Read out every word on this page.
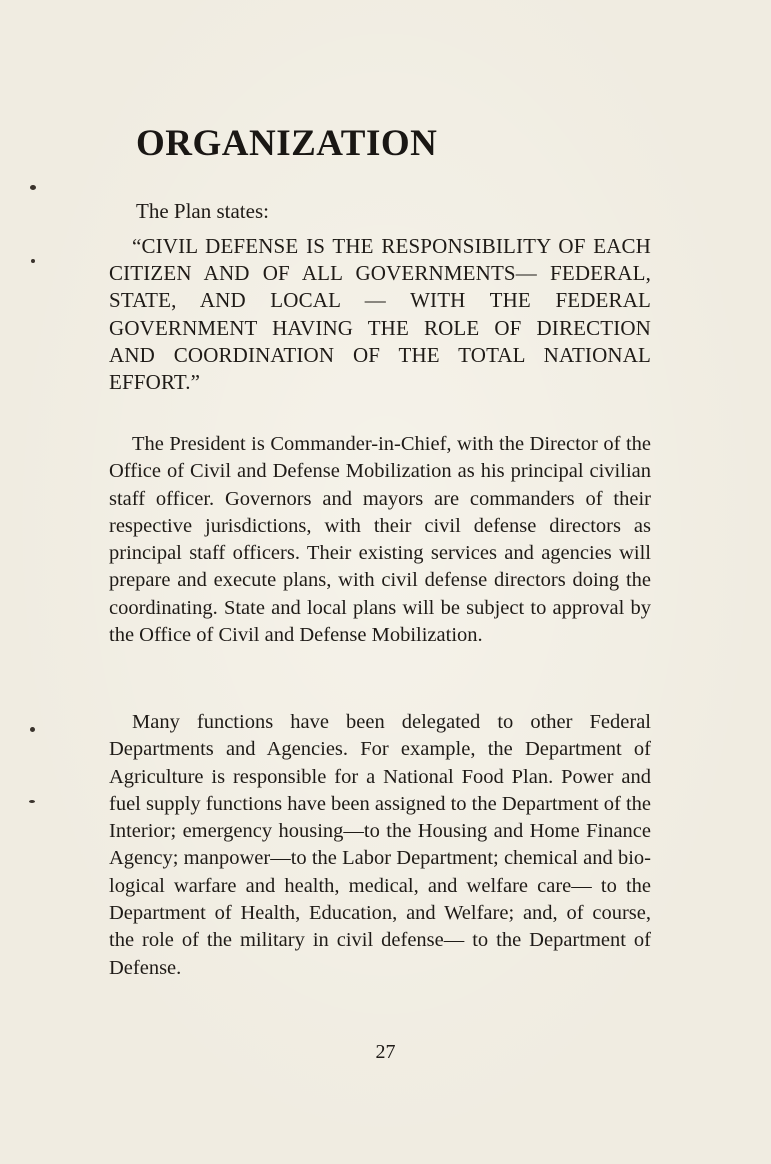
ORGANIZATION

The Plan states:

“CIVIL DEFENSE IS THE RESPONSIBILITY OF EACH CITIZEN AND OF ALL GOVERNMENTS— FEDERAL, STATE, AND LOCAL — WITH THE FEDERAL GOVERNMENT HAVING THE ROLE OF DIRECTION AND COORDINATION OF THE TOTAL NATIONAL EFFORT.”

The President is Commander-in-Chief, with the Director of the Office of Civil and Defense Mobilization as his principal civilian staff officer. Governors and mayors are commanders of their respective jurisdictions, with their civil defense directors as principal staff officers. Their existing services and agencies will prepare and execute plans, with civil defense directors doing the coordinating. State and local plans will be subject to approval by the Office of Civil and Defense Mobilization.

Many functions have been delegated to other Federal Departments and Agencies. For example, the Department of Agriculture is responsible for a National Food Plan. Power and fuel supply functions have been assigned to the Department of the Interior; emergency housing—to the Housing and Home Finance Agency; manpower—to the Labor Department; chemical and biological warfare and health, medical, and welfare care— to the Department of Health, Education, and Welfare; and, of course, the role of the military in civil defense— to the Department of Defense.

27
